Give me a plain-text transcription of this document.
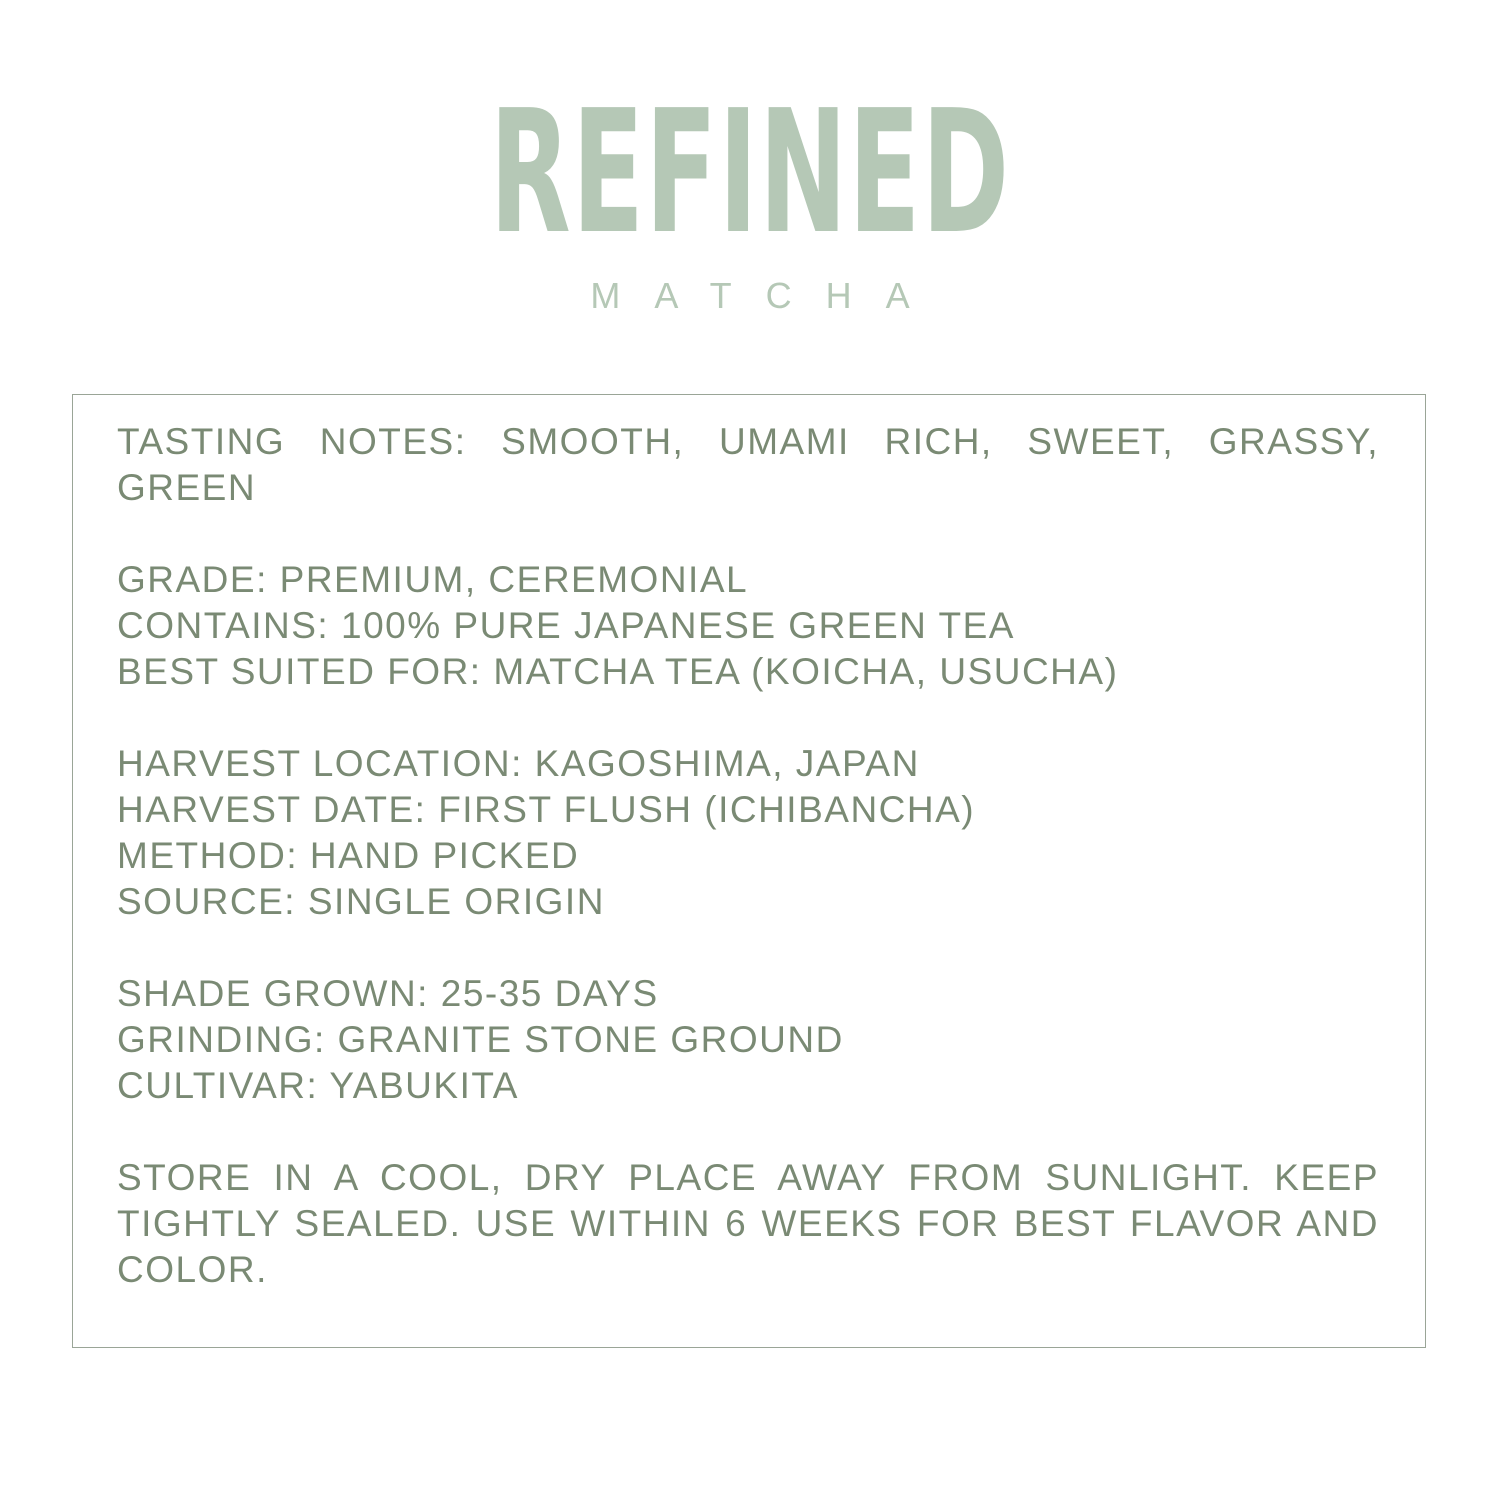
REFINED
MATCHA
TASTING NOTES: SMOOTH, UMAMI RICH, SWEET, GRASSY, GREEN
GRADE: PREMIUM, CEREMONIAL
CONTAINS: 100% PURE JAPANESE GREEN TEA
BEST SUITED FOR: MATCHA TEA (KOICHA, USUCHA)
HARVEST LOCATION: KAGOSHIMA, JAPAN
HARVEST DATE: FIRST FLUSH (ICHIBANCHA)
METHOD: HAND PICKED
SOURCE: SINGLE ORIGIN
SHADE GROWN: 25-35 DAYS
GRINDING: GRANITE STONE GROUND
CULTIVAR: YABUKITA
STORE IN A COOL, DRY PLACE AWAY FROM SUNLIGHT. KEEP TIGHTLY SEALED. USE WITHIN 6 WEEKS FOR BEST FLAVOR AND COLOR.
